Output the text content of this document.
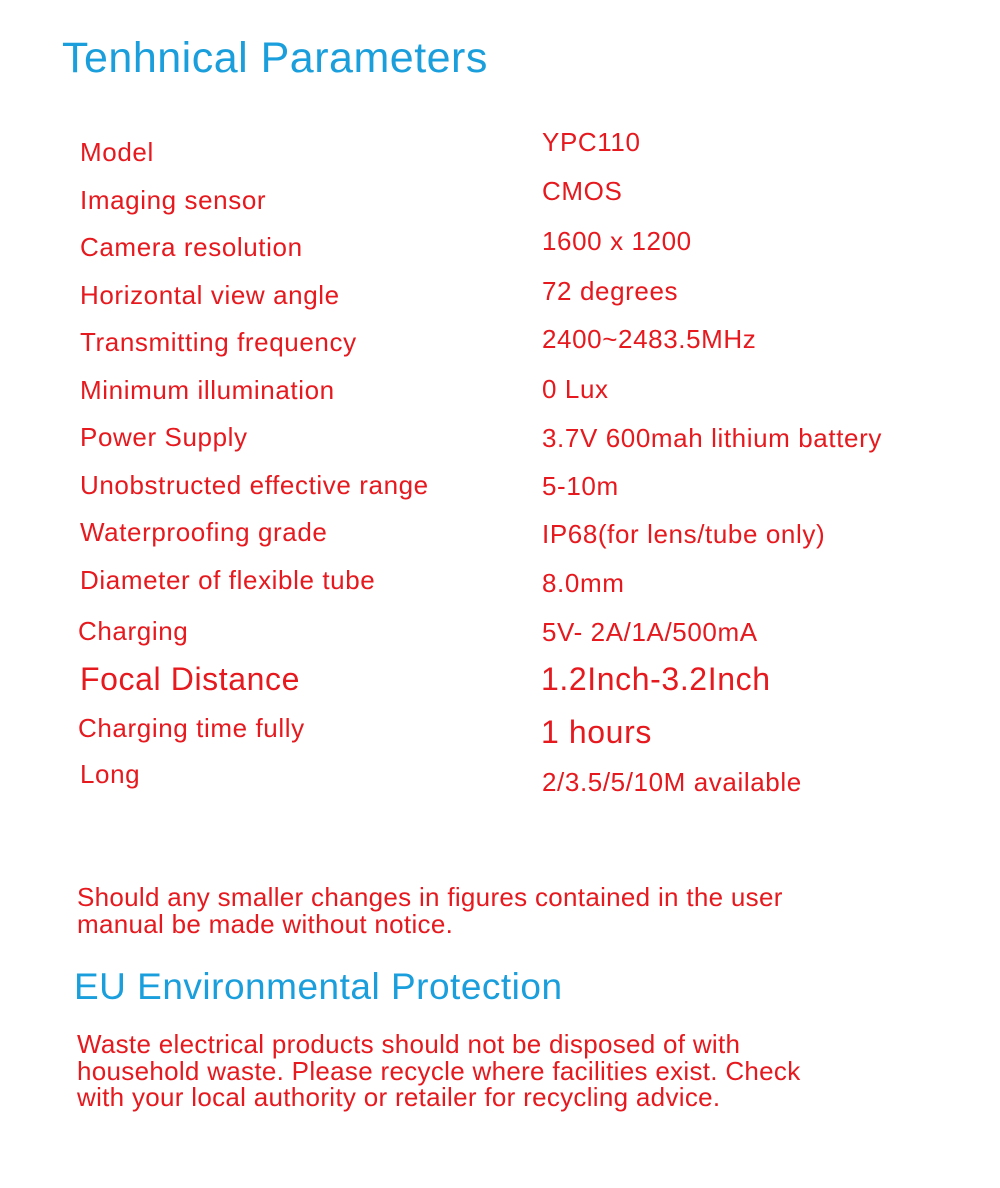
Tenhnical Parameters
Model	YPC110
Imaging sensor	CMOS
Camera resolution	1600 x 1200
Horizontal view angle	72 degrees
Transmitting frequency	2400~2483.5MHz
Minimum illumination	0 Lux
Power Supply	3.7V 600mah lithium battery
Unobstructed effective range	5-10m
Waterproofing grade	IP68(for lens/tube only)
Diameter of flexible tube	8.0mm
Charging	5V- 2A/1A/500mA
Focal Distance	1.2Inch-3.2Inch
Charging time fully	1 hours
Long	2/3.5/5/10M available

Should any smaller changes in figures contained in the user manual be made without notice.

EU Environmental Protection

Waste electrical products should not be disposed of with household waste. Please recycle where facilities exist. Check with your local authority or retailer for recycling advice.
